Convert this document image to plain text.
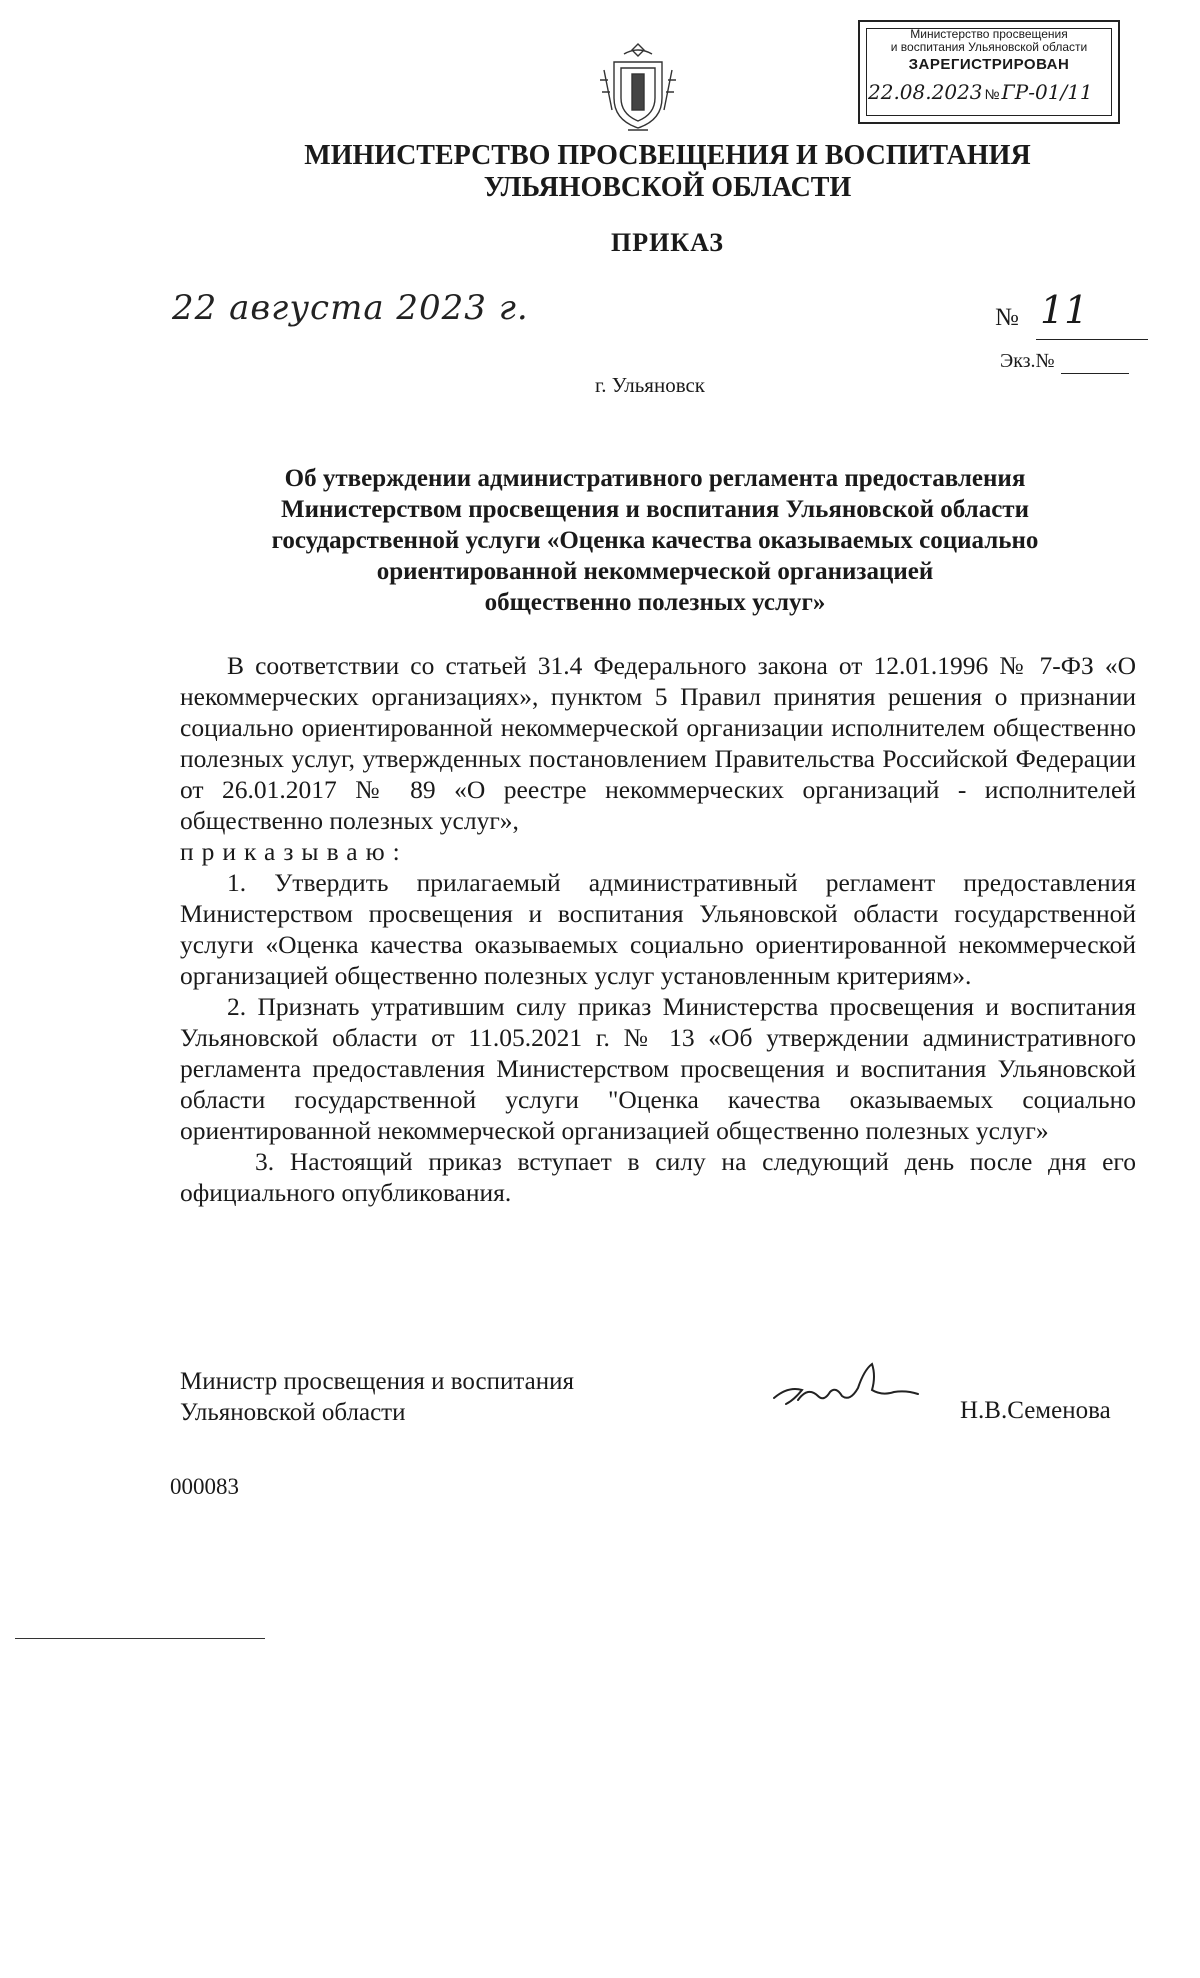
Министерство просвещения
и воспитания Ульяновской области
ЗАРЕГИСТРИРОВАН
22.08.2023 № ГР-01/11
МИНИСТЕРСТВО ПРОСВЕЩЕНИЯ И ВОСПИТАНИЯ
УЛЬЯНОВСКОЙ ОБЛАСТИ
ПРИКАЗ
22 августа 2023 г.	№ 11
Экз.№
г. Ульяновск
Об утверждении административного регламента предоставления
Министерством просвещения и воспитания Ульяновской области
государственной услуги «Оценка качества оказываемых социально
ориентированной некоммерческой организацией
общественно полезных услуг»

В соответствии со статьей 31.4 Федерального закона от 12.01.1996 № 7-ФЗ «О некоммерческих организациях», пунктом 5 Правил принятия решения о признании социально ориентированной некоммерческой организации исполнителем общественно полезных услуг, утвержденных постановлением Правительства Российской Федерации от 26.01.2017 № 89 «О реестре некоммерческих организаций - исполнителей общественно полезных услуг»,

приказываю:

1. Утвердить прилагаемый административный регламент предоставления Министерством просвещения и воспитания Ульяновской области государственной услуги «Оценка качества оказываемых социально ориентированной некоммерческой организацией общественно полезных услуг установленным критериям».

2. Признать утратившим силу приказ Министерства просвещения и воспитания Ульяновской области от 11.05.2021 г. № 13 «Об утверждении административного регламента предоставления Министерством просвещения и воспитания Ульяновской области государственной услуги "Оценка качества оказываемых социально ориентированной некоммерческой организацией общественно полезных услуг»

3. Настоящий приказ вступает в силу на следующий день после дня его официального опубликования.

Министр просвещения и воспитания
Ульяновской области	Н.В.Семенова
000083
